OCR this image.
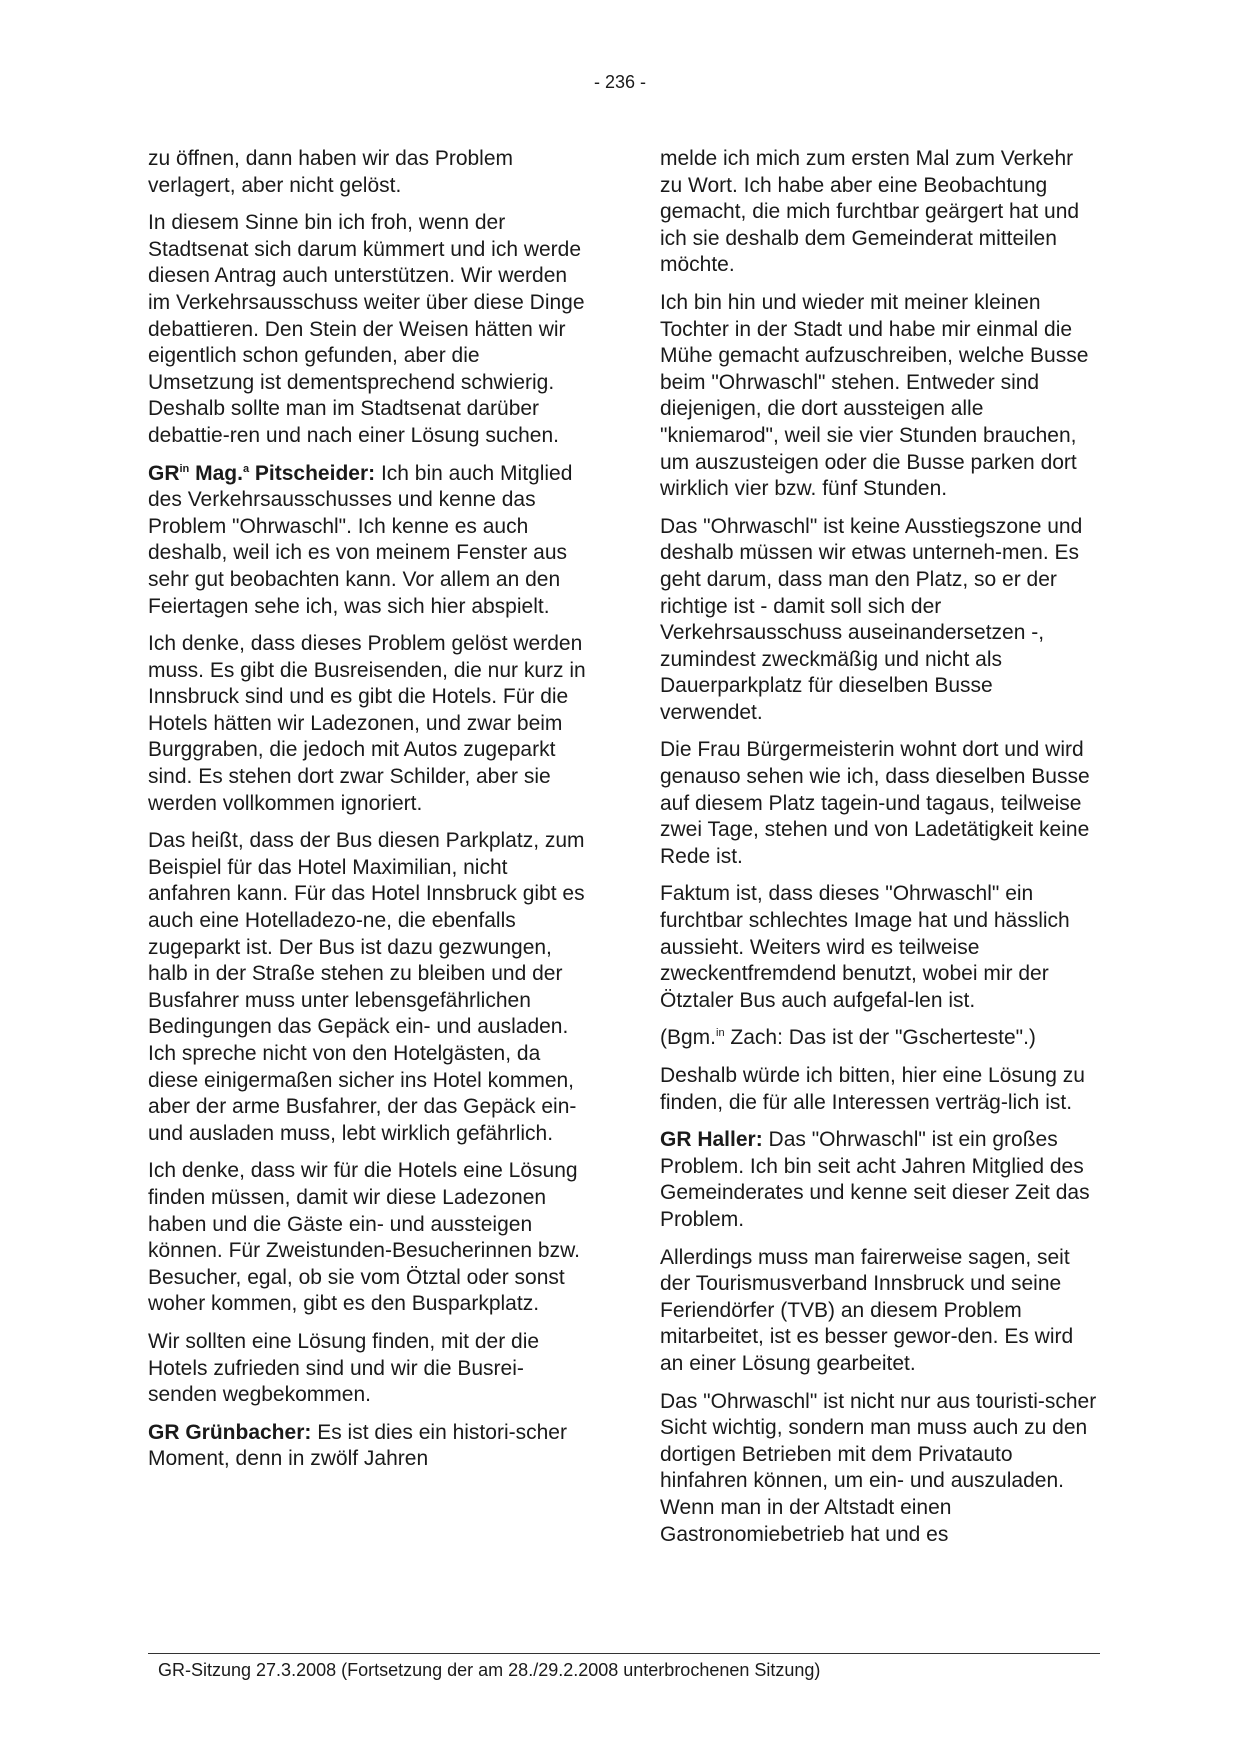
- 236 -

zu öffnen, dann haben wir das Problem verlagert, aber nicht gelöst.

In diesem Sinne bin ich froh, wenn der Stadtsenat sich darum kümmert und ich werde diesen Antrag auch unterstützen. Wir werden im Verkehrsausschuss weiter über diese Dinge debattieren. Den Stein der Weisen hätten wir eigentlich schon gefunden, aber die Umsetzung ist dementsprechend schwierig. Deshalb sollte man im Stadtsenat darüber debattie-ren und nach einer Lösung suchen.

$GR^{in}$ Mag.$^a$ Pitscheider: Ich bin auch Mitglied des Verkehrsausschusses und kenne das Problem "Ohrwaschl". Ich kenne es auch deshalb, weil ich es von meinem Fenster aus sehr gut beobachten kann. Vor allem an den Feiertagen sehe ich, was sich hier abspielt.

Ich denke, dass dieses Problem gelöst werden muss. Es gibt die Busreisenden, die nur kurz in Innsbruck sind und es gibt die Hotels. Für die Hotels hätten wir Ladezonen, und zwar beim Burggraben, die jedoch mit Autos zugeparkt sind. Es stehen dort zwar Schilder, aber sie werden vollkommen ignoriert.

Das heißt, dass der Bus diesen Parkplatz, zum Beispiel für das Hotel Maximilian, nicht anfahren kann. Für das Hotel Innsbruck gibt es auch eine Hotelladezo-ne, die ebenfalls zugeparkt ist. Der Bus ist dazu gezwungen, halb in der Straße stehen zu bleiben und der Busfahrer muss unter lebensgefährlichen Bedingungen das Gepäck ein- und ausladen. Ich spreche nicht von den Hotelgästen, da diese einigermaßen sicher ins Hotel kommen, aber der arme Busfahrer, der das Gepäck ein- und ausladen muss, lebt wirklich gefährlich.

Ich denke, dass wir für die Hotels eine Lösung finden müssen, damit wir diese Ladezonen haben und die Gäste ein- und aussteigen können. Für Zweistunden-Besucherinnen bzw. Besucher, egal, ob sie vom Ötztal oder sonst woher kommen, gibt es den Busparkplatz.

Wir sollten eine Lösung finden, mit der die Hotels zufrieden sind und wir die Busrei-senden wegbekommen.

GR Grünbacher: Es ist dies ein histori-scher Moment, denn in zwölf Jahren

melde ich mich zum ersten Mal zum Verkehr zu Wort. Ich habe aber eine Beobachtung gemacht, die mich furchtbar geärgert hat und ich sie deshalb dem Gemeinderat mitteilen möchte.

Ich bin hin und wieder mit meiner kleinen Tochter in der Stadt und habe mir einmal die Mühe gemacht aufzuschreiben, welche Busse beim "Ohrwaschl" stehen. Entweder sind diejenigen, die dort aussteigen alle "kniemarod", weil sie vier Stunden brauchen, um auszusteigen oder die Busse parken dort wirklich vier bzw. fünf Stunden.

Das "Ohrwaschl" ist keine Ausstiegszone und deshalb müssen wir etwas unterneh-men. Es geht darum, dass man den Platz, so er der richtige ist - damit soll sich der Verkehrsausschuss auseinandersetzen -, zumindest zweckmäßig und nicht als Dauerparkplatz für dieselben Busse verwendet.

Die Frau Bürgermeisterin wohnt dort und wird genauso sehen wie ich, dass dieselben Busse auf diesem Platz tagein-und tagaus, teilweise zwei Tage, stehen und von Ladetätigkeit keine Rede ist.

Faktum ist, dass dieses "Ohrwaschl" ein furchtbar schlechtes Image hat und hässlich aussieht. Weiters wird es teilweise zweckentfremdend benutzt, wobei mir der Ötztaler Bus auch aufgefal-len ist.

(Bgm.$^{in}$ Zach: Das ist der "Gscherteste".)

Deshalb würde ich bitten, hier eine Lösung zu finden, die für alle Interessen verträg-lich ist.

GR Haller: Das "Ohrwaschl" ist ein großes Problem. Ich bin seit acht Jahren Mitglied des Gemeinderates und kenne seit dieser Zeit das Problem.

Allerdings muss man fairerweise sagen, seit der Tourismusverband Innsbruck und seine Feriendörfer (TVB) an diesem Problem mitarbeitet, ist es besser gewor-den. Es wird an einer Lösung gearbeitet.

Das "Ohrwaschl" ist nicht nur aus touristi-scher Sicht wichtig, sondern man muss auch zu den dortigen Betrieben mit dem Privatauto hinfahren können, um ein- und auszuladen. Wenn man in der Altstadt einen Gastronomiebetrieb hat und es

GR-Sitzung 27.3.2008 (Fortsetzung der am 28./29.2.2008 unterbrochenen Sitzung)
